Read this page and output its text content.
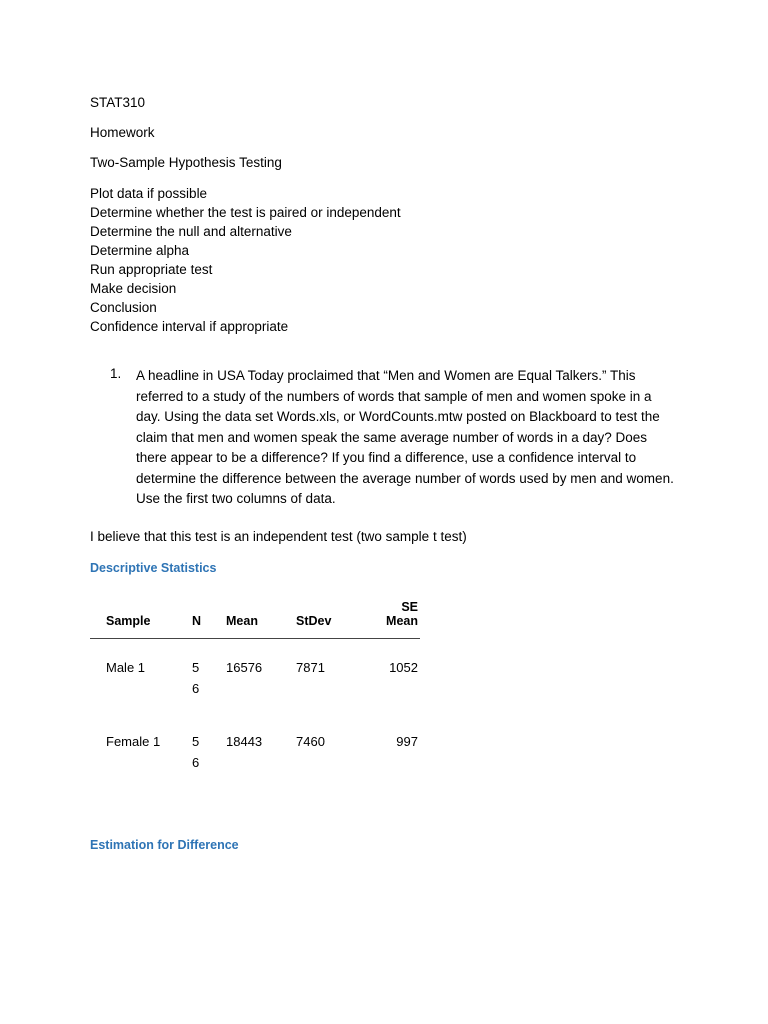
STAT310

Homework

Two-Sample Hypothesis Testing

Plot data if possible
Determine whether the test is paired or independent
Determine the null and alternative
Determine alpha
Run appropriate test
Make decision
Conclusion
Confidence interval if appropriate
1.	A headline in USA Today proclaimed that “Men and Women are Equal Talkers.” This referred to a study of the numbers of words that sample of men and women spoke in a day. Using the data set Words.xls, or WordCounts.mtw posted on Blackboard to test the claim that men and women speak the same average number of words in a day? Does there appear to be a difference? If you find a difference, use a confidence interval to determine the difference between the average number of words used by men and women. Use the first two columns of data.

I believe that this test is an independent test (two sample t test)

Descriptive Statistics
Sample	N	Mean	StDev	SE Mean
Male 1	56	16576	7871	1052
Female 1	56	18443	7460	997
Estimation for Difference
